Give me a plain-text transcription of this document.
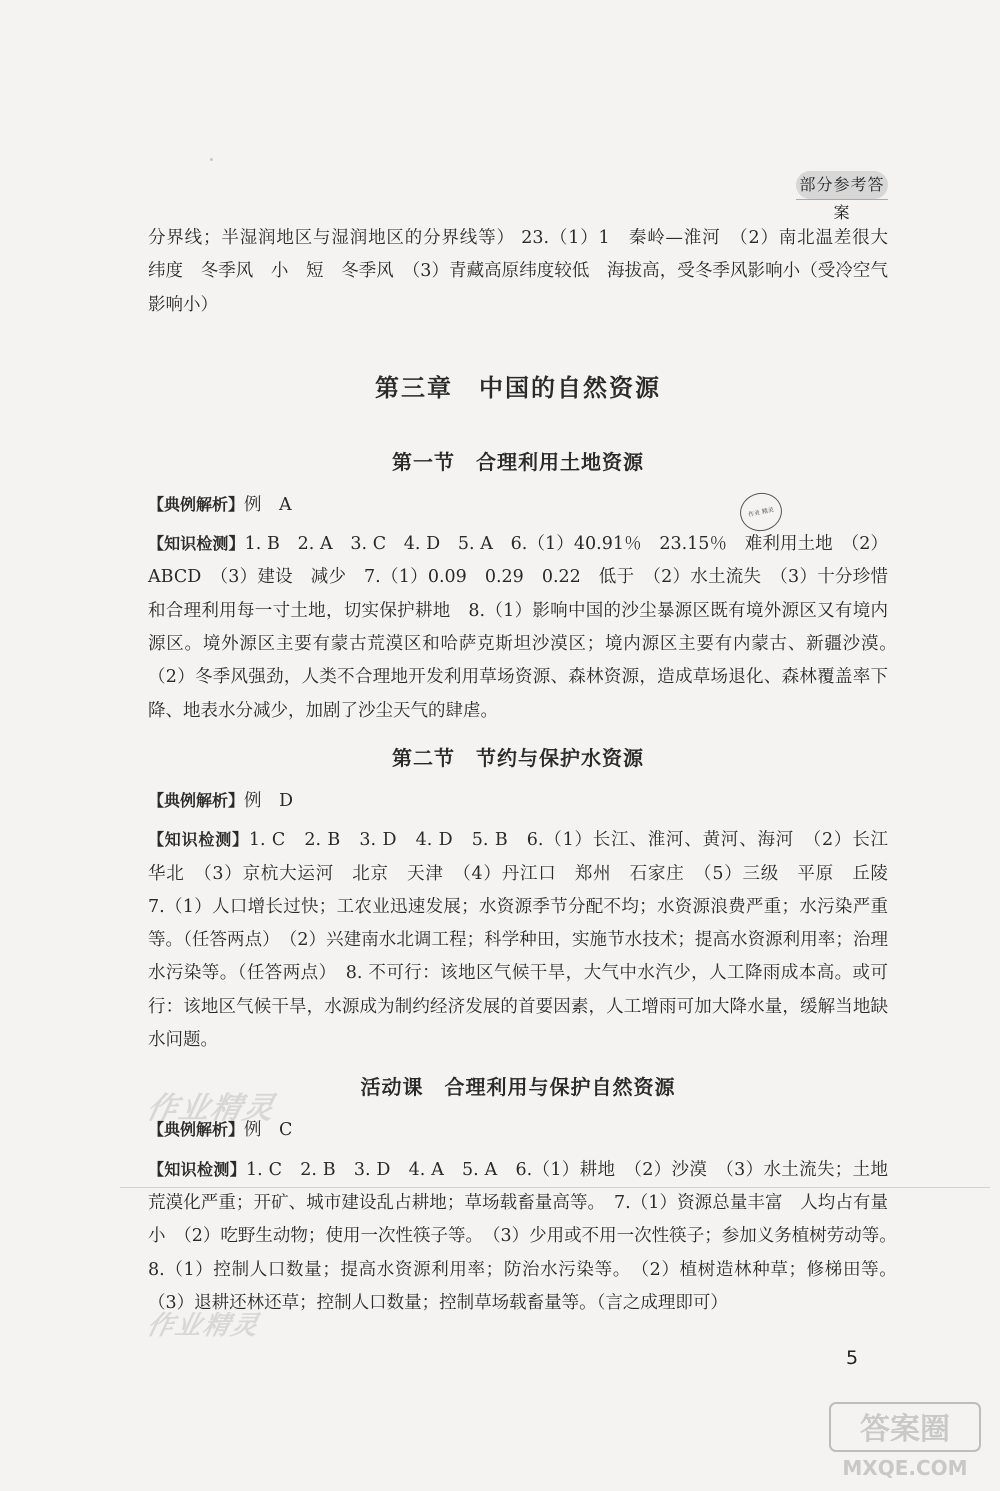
部分参考答案

分界线；半湿润地区与湿润地区的分界线等） 23.（1）1　秦岭—淮河　（2）南北温差很大　纬度　冬季风　小　短　冬季风　（3）青藏高原纬度较低　海拔高，受冬季风影响小（受冷空气影响小）

第三章　中国的自然资源
第一节　合理利用土地资源

【典例解析】例　A

【知识检测】1. B　2. A　3. C　4. D　5. A　6.（1）40.91％　23.15％　难利用土地　（2）ABCD　（3）建设　减少　7.（1）0.09　0.29　0.22　低于　（2）水土流失　（3）十分珍惜和合理利用每一寸土地，切实保护耕地　8.（1）影响中国的沙尘暴源区既有境外源区又有境内源区。境外源区主要有蒙古荒漠区和哈萨克斯坦沙漠区；境内源区主要有内蒙古、新疆沙漠。　（2）冬季风强劲，人类不合理地开发利用草场资源、森林资源，造成草场退化、森林覆盖率下降、地表水分减少，加剧了沙尘天气的肆虐。

第二节　节约与保护水资源

【典例解析】例　D

【知识检测】1. C　2. B　3. D　4. D　5. B　6.（1）长江、淮河、黄河、海河　（2）长江　华北　（3）京杭大运河　北京　天津　（4）丹江口　郑州　石家庄　（5）三级　平原　丘陵　7.（1）人口增长过快；工农业迅速发展；水资源季节分配不均；水资源浪费严重；水污染严重等。（任答两点）　（2）兴建南水北调工程；科学种田，实施节水技术；提高水资源利用率；治理水污染等。（任答两点）　8. 不可行：该地区气候干旱，大气中水汽少，人工降雨成本高。或可行：该地区气候干旱，水源成为制约经济发展的首要因素，人工增雨可加大降水量，缓解当地缺水问题。

活动课　合理利用与保护自然资源

【典例解析】例　C

【知识检测】1. C　2. B　3. D　4. A　5. A　6.（1）耕地　（2）沙漠　（3）水土流失；土地荒漠化严重；开矿、城市建设乱占耕地；草场载畜量高等。　7.（1）资源总量丰富　人均占有量小　（2）吃野生动物；使用一次性筷子等。　（3）少用或不用一次性筷子；参加义务植树劳动等。　8.（1）控制人口数量；提高水资源利用率；防治水污染等。　（2）植树造林种草；修梯田等。　（3）退耕还林还草；控制人口数量；控制草场载畜量等。（言之成理即可）

作业 精灵
作业精灵
作业精灵
5
答案圈
MXQE.COM
